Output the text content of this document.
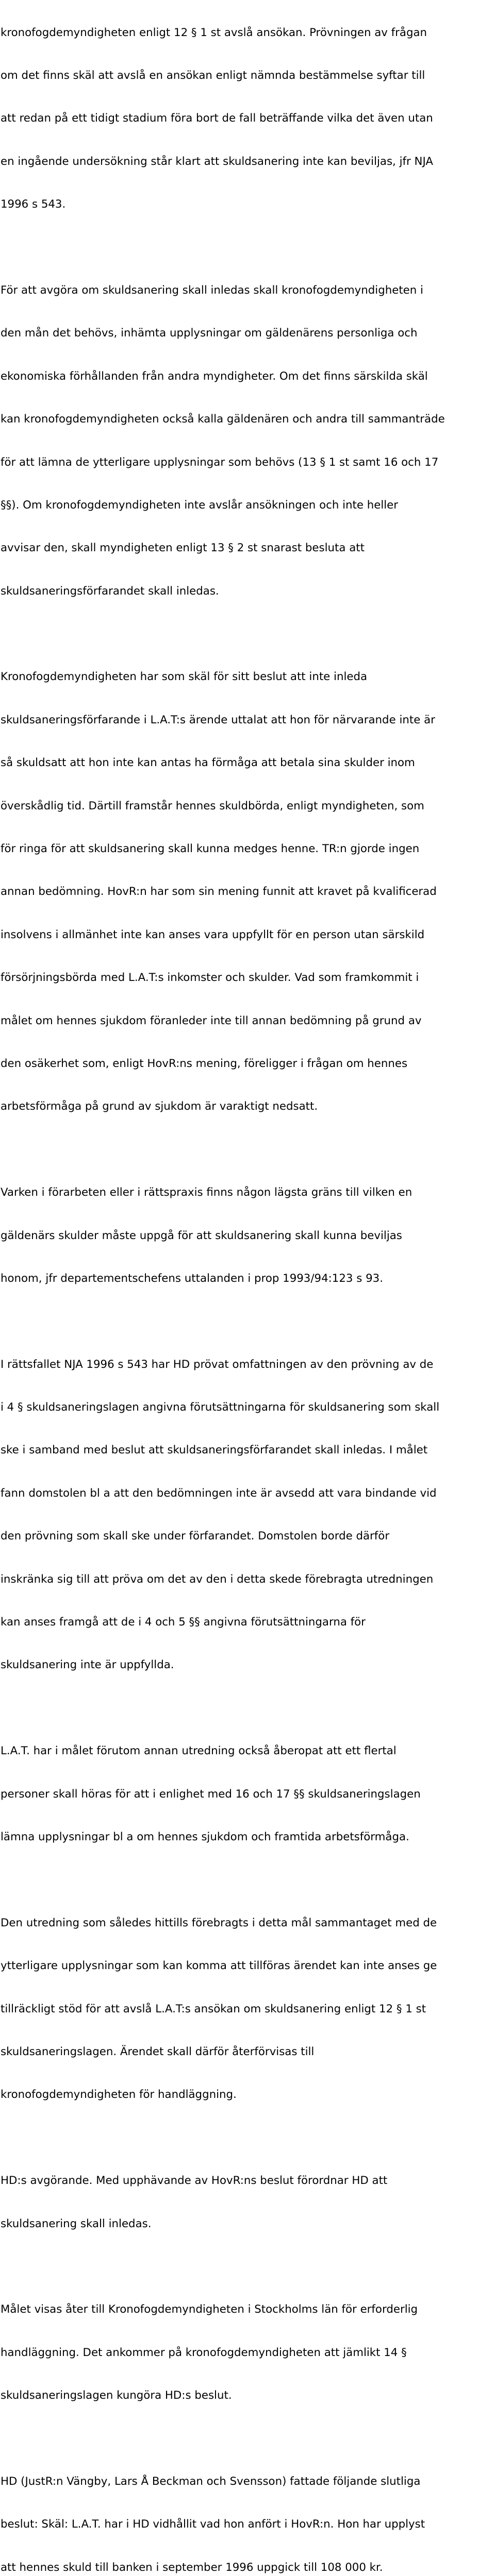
kronofogdemyndigheten enligt 12 § 1 st avslå ansökan. Prövningen av frågan

om det finns skäl att avslå en ansökan enligt nämnda bestämmelse syftar till

att redan på ett tidigt stadium föra bort de fall beträffande vilka det även utan

en ingående undersökning står klart att skuldsanering inte kan beviljas, jfr NJA

1996 s 543.

För att avgöra om skuldsanering skall inledas skall kronofogdemyndigheten i

den mån det behövs, inhämta upplysningar om gäldenärens personliga och

ekonomiska förhållanden från andra myndigheter. Om det finns särskilda skäl

kan kronofogdemyndigheten också kalla gäldenären och andra till sammanträde

för att lämna de ytterligare upplysningar som behövs (13 § 1 st samt 16 och 17

§§). Om kronofogdemyndigheten inte avslår ansökningen och inte heller

avvisar den, skall myndigheten enligt 13 § 2 st snarast besluta att

skuldsaneringsförfarandet skall inledas.

Kronofogdemyndigheten har som skäl för sitt beslut att inte inleda

skuldsaneringsförfarande i L.A.T:s ärende uttalat att hon för närvarande inte är

så skuldsatt att hon inte kan antas ha förmåga att betala sina skulder inom

överskådlig tid. Därtill framstår hennes skuldbörda, enligt myndigheten, som

för ringa för att skuldsanering skall kunna medges henne. TR:n gjorde ingen

annan bedömning. HovR:n har som sin mening funnit att kravet på kvalificerad

insolvens i allmänhet inte kan anses vara uppfyllt för en person utan särskild

försörjningsbörda med L.A.T:s inkomster och skulder. Vad som framkommit i

målet om hennes sjukdom föranleder inte till annan bedömning på grund av

den osäkerhet som, enligt HovR:ns mening, föreligger i frågan om hennes

arbetsförmåga på grund av sjukdom är varaktigt nedsatt.

Varken i förarbeten eller i rättspraxis finns någon lägsta gräns till vilken en

gäldenärs skulder måste uppgå för att skuldsanering skall kunna beviljas

honom, jfr departementschefens uttalanden i prop 1993/94:123 s 93.

I rättsfallet NJA 1996 s 543 har HD prövat omfattningen av den prövning av de

i 4 § skuldsaneringslagen angivna förutsättningarna för skuldsanering som skall

ske i samband med beslut att skuldsaneringsförfarandet skall inledas. I målet

fann domstolen bl a att den bedömningen inte är avsedd att vara bindande vid

den prövning som skall ske under förfarandet. Domstolen borde därför

inskränka sig till att pröva om det av den i detta skede förebragta utredningen

kan anses framgå att de i 4 och 5 §§ angivna förutsättningarna för

skuldsanering inte är uppfyllda.

L.A.T. har i målet förutom annan utredning också åberopat att ett flertal

personer skall höras för att i enlighet med 16 och 17 §§ skuldsaneringslagen

lämna upplysningar bl a om hennes sjukdom och framtida arbetsförmåga.

Den utredning som således hittills förebragts i detta mål sammantaget med de

ytterligare upplysningar som kan komma att tillföras ärendet kan inte anses ge

tillräckligt stöd för att avslå L.A.T:s ansökan om skuldsanering enligt 12 § 1 st

skuldsaneringslagen. Ärendet skall därför återförvisas till

kronofogdemyndigheten för handläggning.

HD:s avgörande. Med upphävande av HovR:ns beslut förordnar HD att

skuldsanering skall inledas.

Målet visas åter till Kronofogdemyndigheten i Stockholms län för erforderlig

handläggning. Det ankommer på kronofogdemyndigheten att jämlikt 14 §

skuldsaneringslagen kungöra HD:s beslut.

HD (JustR:n Vängby, Lars Å Beckman och Svensson) fattade följande slutliga

beslut: Skäl: L.A.T. har i HD vidhållit vad hon anfört i HovR:n. Hon har upplyst

att hennes skuld till banken i september 1996 uppgick till 108 000 kr.
